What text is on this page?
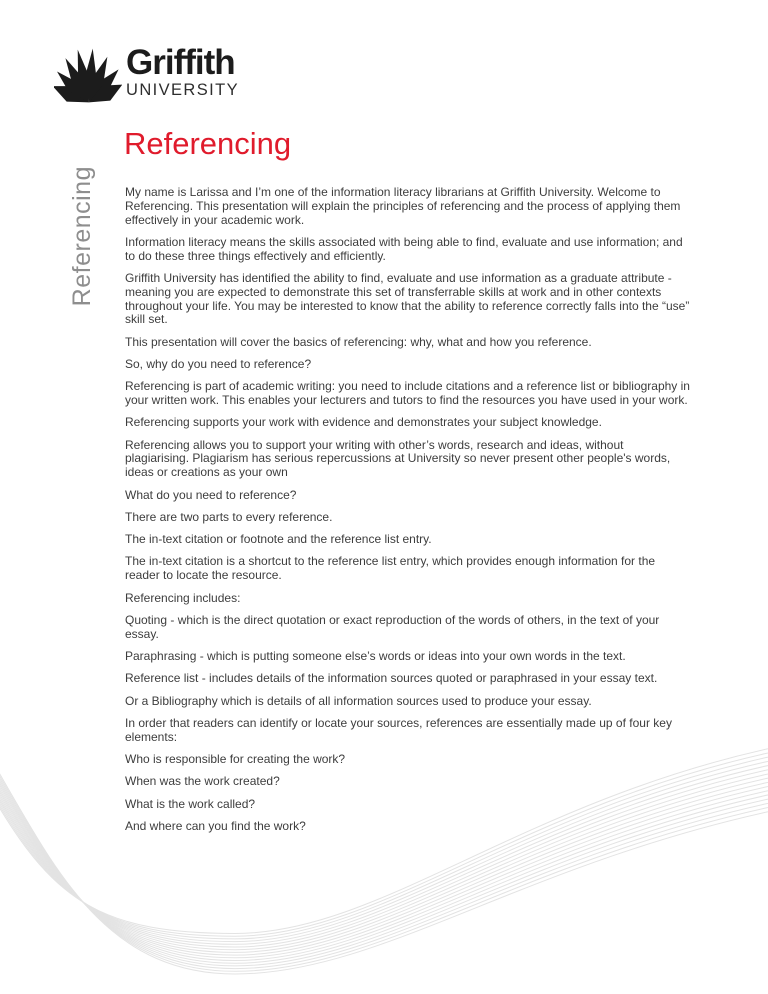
Griffith
UNIVERSITY
Referencing
Referencing My name is Larissa and I’m one of the information literacy librarians at Griffith University. Welcome to Referencing. This presentation will explain the principles of referencing and the process of applying them effectively in your academic work.

Information literacy means the skills associated with being able to find, evaluate and use information; and to do these three things effectively and efficiently.

Griffith University has identified the ability to find, evaluate and use information as a graduate attribute - meaning you are expected to demonstrate this set of transferrable skills at work and in other contexts throughout your life. You may be interested to know that the ability to reference correctly falls into the “use” skill set.

This presentation will cover the basics of referencing: why, what and how you reference.

So, why do you need to reference?

Referencing is part of academic writing: you need to include citations and a reference list or bibliography in your written work. This enables your lecturers and tutors to find the resources you have used in your work.

Referencing supports your work with evidence and demonstrates your subject knowledge.

Referencing allows you to support your writing with other’s words, research and ideas, without plagiarising. Plagiarism has serious repercussions at University so never present other people's words, ideas or creations as your own

What do you need to reference?

There are two parts to every reference.

The in-text citation or footnote and the reference list entry.

The in-text citation is a shortcut to the reference list entry, which provides enough information for the reader to locate the resource.

Referencing includes:

Quoting - which is the direct quotation or exact reproduction of the words of others, in the text of your essay.

Paraphrasing - which is putting someone else’s words or ideas into your own words in the text.

Reference list - includes details of the information sources quoted or paraphrased in your essay text.

Or a Bibliography which is details of all information sources used to produce your essay.

In order that readers can identify or locate your sources, references are essentially made up of four key elements:

Who is responsible for creating the work?

When was the work created?

What is the work called?

And where can you find the work?
